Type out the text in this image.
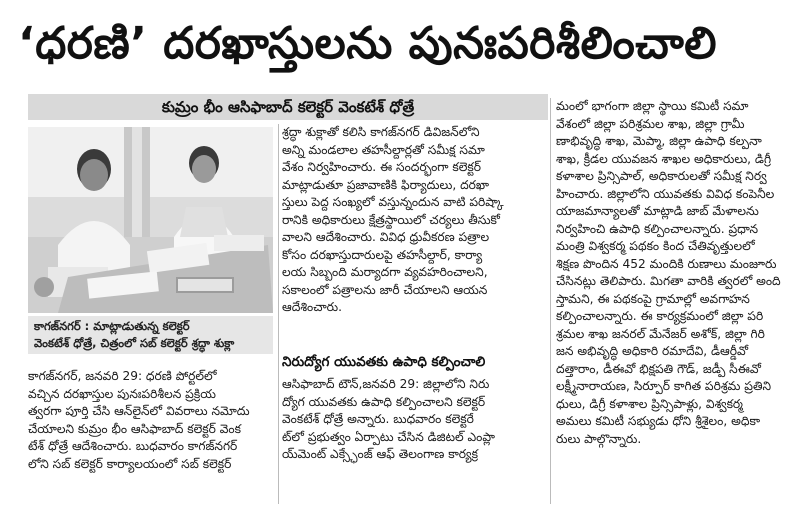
‘ధరణి’ దరఖాస్తులను పునఃపరిశీలించాలి
కుమ్రం భీం ఆసిఫాబాద్ కలెక్టర్ వెంకటేశ్ ధోత్రే
కాగజ్‌నగర్ : మాట్లాడుతున్న కలెక్టర్
వెంకటేశ్ ధోత్రే, చిత్రంలో సబ్ కలెక్టర్ శ్రద్ధా శుక్లా
కాగజ్‌నగర్, జనవరి 29: ధరణి పోర్టల్‌లో
వచ్చిన దరఖాస్తుల పునఃపరిశీలన ప్రక్రియ
త్వరగా పూర్తి చేసి ఆన్‌లైన్‌లో వివరాలు నమోదు
చేయాలని కుమ్రం భీం ఆసిఫాబాద్ కలెక్టర్ వెంక
టేశ్ ధోత్రే ఆదేశించారు. బుధవారం కాగజ్‌నగర్
లోని సబ్ కలెక్టర్ కార్యాలయంలో సబ్ కలెక్టర్
శ్రద్ధా శుక్లాతో కలిసి కాగజ్‌నగర్ డివిజన్‌లోని
అన్ని మండలాల తహసీల్దార్లతో సమీక్ష సమా
వేశం నిర్వహించారు. ఈ సందర్భంగా కలెక్టర్
మాట్లాడుతూ ప్రజావాణికి ఫిర్యాదులు, దరఖా
స్తులు పెద్ద సంఖ్యలో వస్తున్నందున వాటి పరిష్కా
రానికి అధికారులు క్షేత్రస్థాయిలో చర్యలు తీసుకో
వాలని ఆదేశించారు. వివిధ ధ్రువీకరణ పత్రాల
కోసం దరఖాస్తుదారులపై తహసీల్దార్, కార్యా
లయ సిబ్బంది మర్యాదగా వ్యవహరించాలని,
సకాలంలో పత్రాలను జారీ చేయాలని ఆయన
ఆదేశించారు.
నిరుద్యోగ యువతకు ఉపాధి కల్పించాలి
ఆసిఫాబాద్ టౌన్,జనవరి 29: జిల్లాలోని నిరు
ద్యోగ యువతకు ఉపాధి కల్పించాలని కలెక్టర్
వెంకటేశ్ ధోత్రే అన్నారు. బుధవారం కలెక్టరే
ట్‌లో ప్రభుత్వం ఏర్పాటు చేసిన డిజిటల్ ఎంప్లా
య్‌మెంట్ ఎక్స్ఛేంజ్ ఆఫ్ తెలంగాణ కార్యక్ర
మంలో భాగంగా జిల్లా స్థాయి కమిటీ సమా
వేశంలో జిల్లా పరిశ్రమల శాఖ, జిల్లా గ్రామీ
ణాభివృద్ధి శాఖ, మెప్మా, జిల్లా ఉపాధి కల్పనా
శాఖ, క్రీడల యువజన శాఖల అధికారులు, డిగ్రీ
కళాశాల ప్రిన్సిపాల్, అధికారులతో సమీక్ష నిర్వ
హించారు. జిల్లాలోని యువతకు వివిధ కంపెనీల
యాజమాన్యాలతో మాట్లాడి జాబ్ మేళాలను
నిర్వహించి ఉపాధి కల్పించాలన్నారు. ప్రధాన
మంత్రి విశ్వకర్మ పథకం కింద చేతివృత్తులలో
శిక్షణ పొందిన 452 మందికి రుణాలు మంజూరు
చేసినట్లు తెలిపారు. మిగతా వారికి త్వరలో అంది
స్తామని, ఈ పథకంపై గ్రామాల్లో అవగాహన
కల్పించాలన్నారు. ఈ కార్యక్రమంలో జిల్లా పరి
శ్రమల శాఖ జనరల్ మేనేజర్ అశోక్, జిల్లా గిరి
జన అభివృద్ధి అధికారి రమాదేవి, డీఆర్డీవో
దత్తారాం, డీఈవో భిక్షపతి గౌడ్, జడ్పీ సీఈవో
లక్ష్మీనారాయణ, సిర్పూర్ కాగిత పరిశ్రమ ప్రతిని
ధులు, డిగ్రీ కళాశాల ప్రిన్సిపాళ్లు, విశ్వకర్మ
అమలు కమిటీ సభ్యుడు ధోని శ్రీశైలం, అధికా
రులు పాల్గొన్నారు.
